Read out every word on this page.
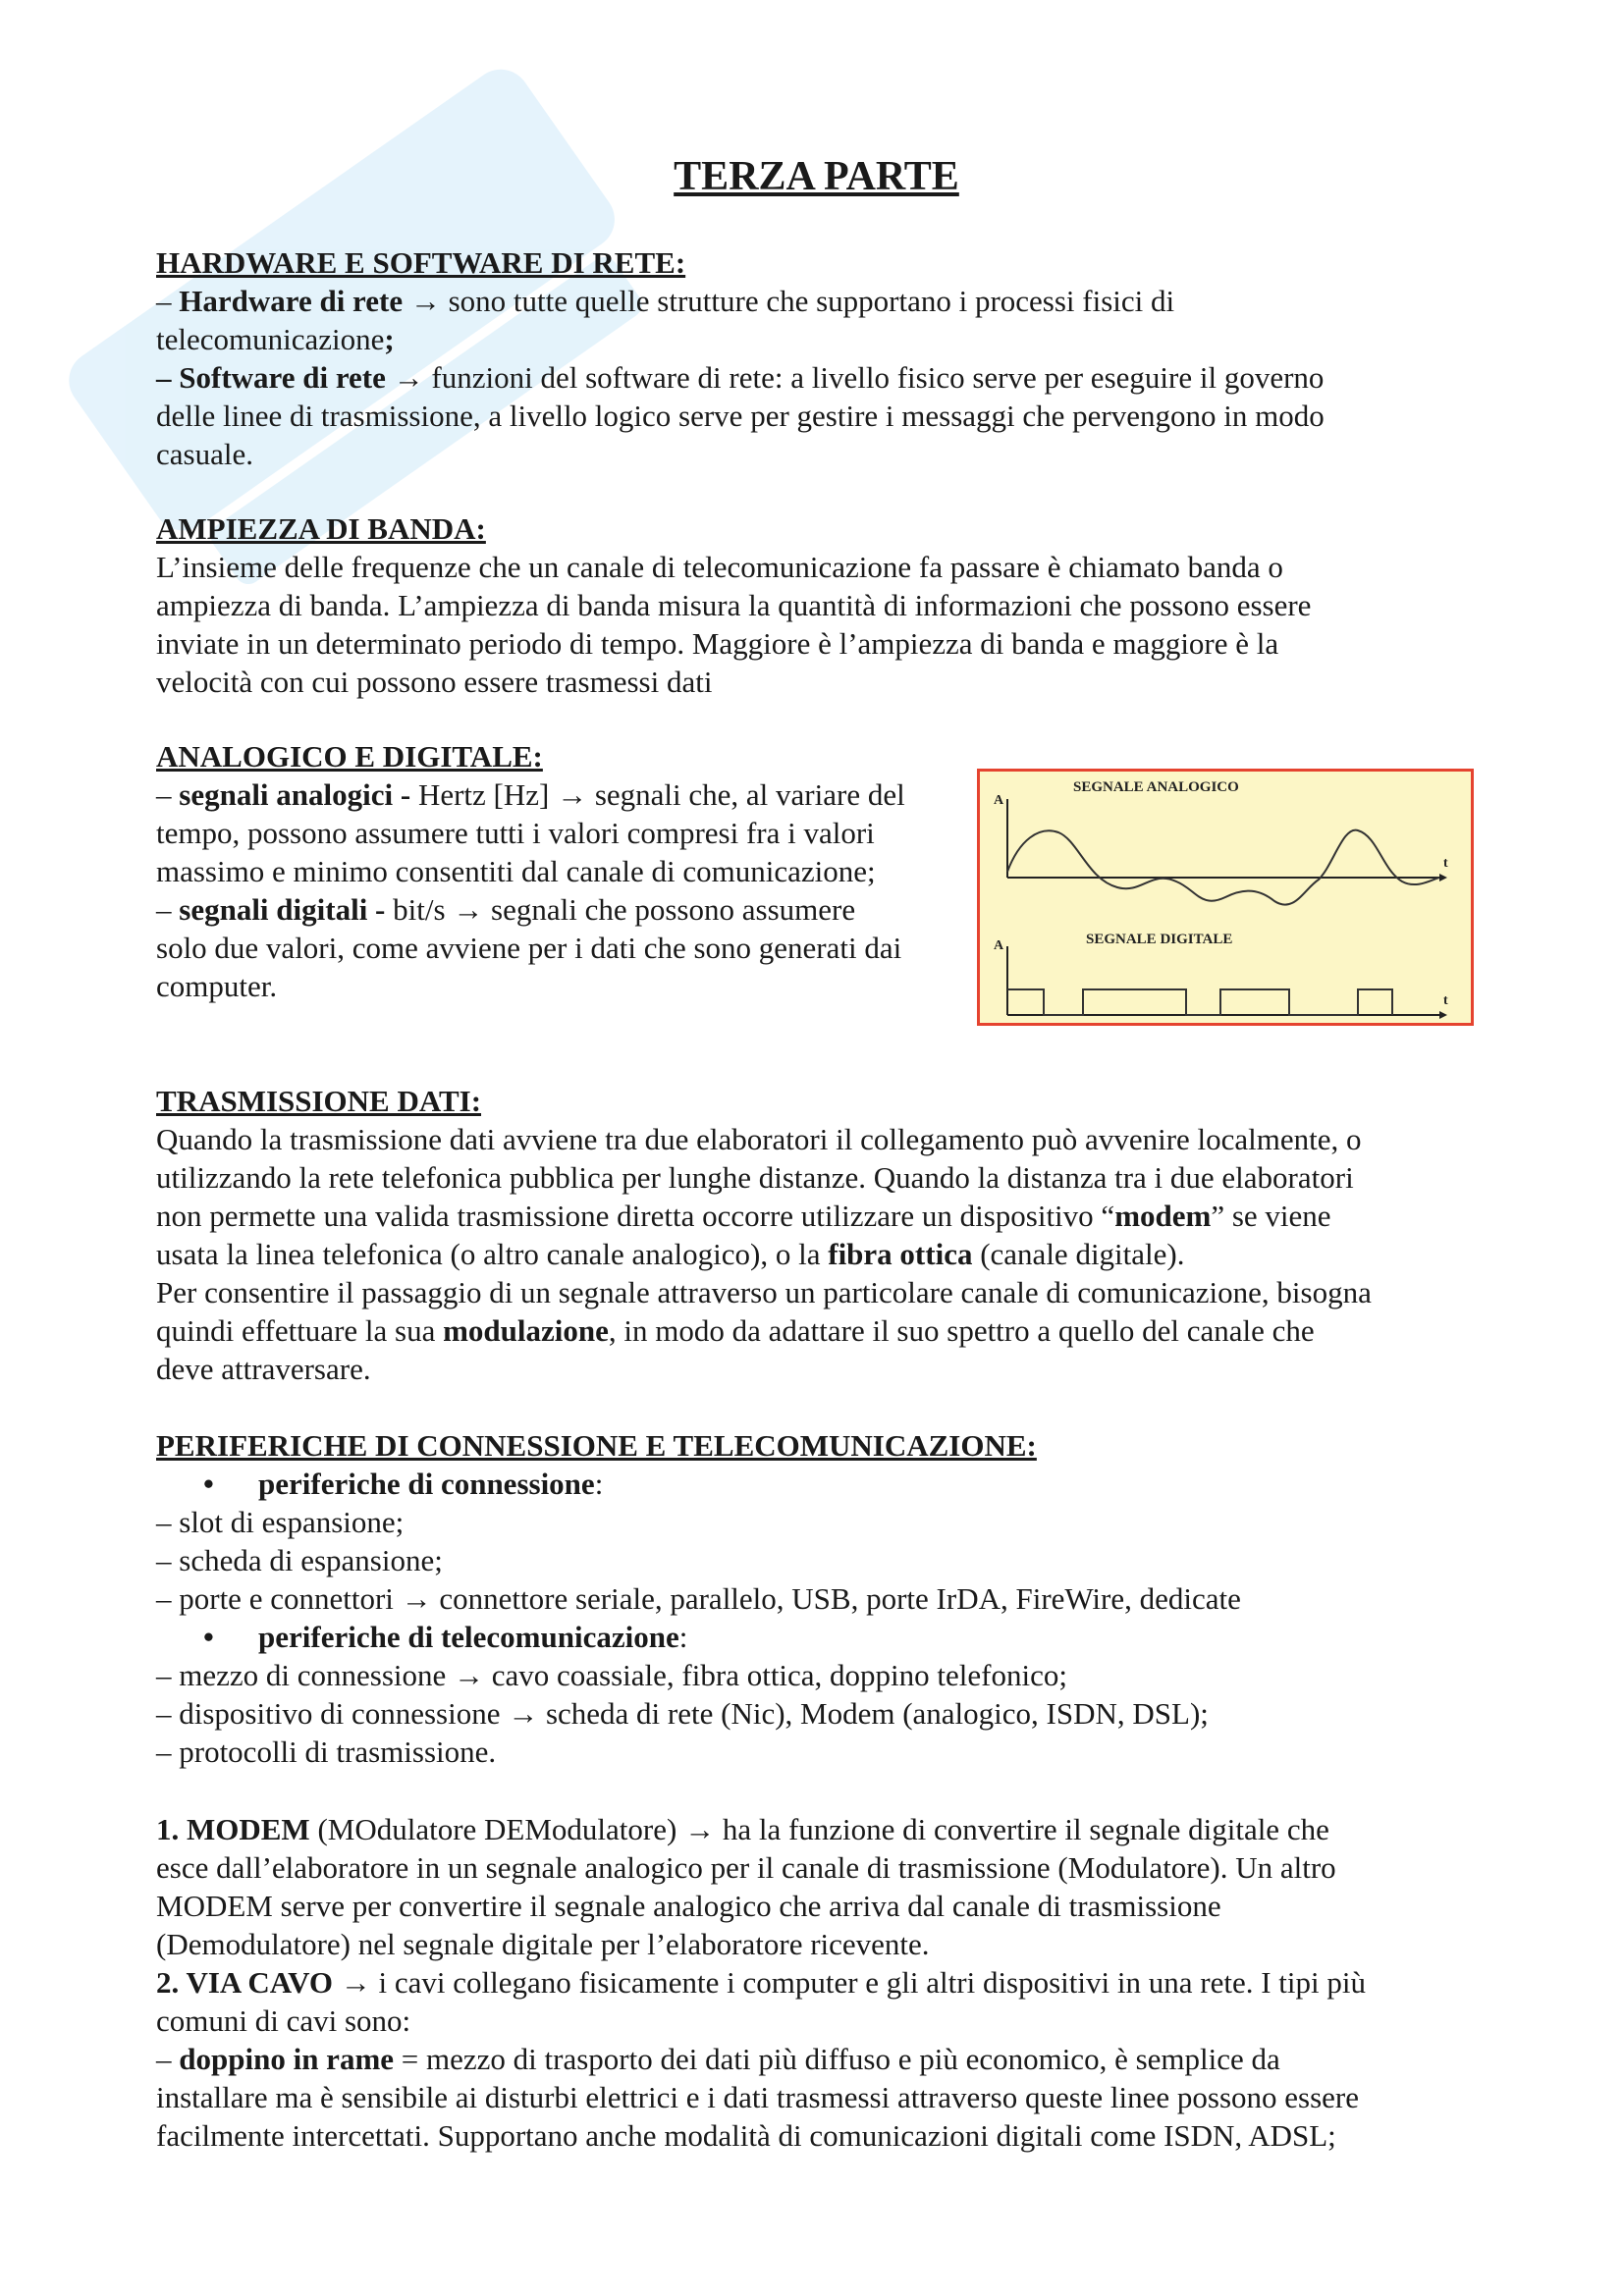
TERZA PARTE
HARDWARE E SOFTWARE DI RETE:
– Hardware di rete → sono tutte quelle strutture che supportano i processi fisici di
telecomunicazione;
– Software di rete → funzioni del software di rete: a livello fisico serve per eseguire il governo
delle linee di trasmissione, a livello logico serve per gestire i messaggi che pervengono in modo
casuale.
AMPIEZZA DI BANDA:
L’insieme delle frequenze che un canale di telecomunicazione fa passare è chiamato banda o
ampiezza di banda. L’ampiezza di banda misura la quantità di informazioni che possono essere
inviate in un determinato periodo di tempo. Maggiore è l’ampiezza di banda e maggiore è la
velocità con cui possono essere trasmessi dati
ANALOGICO E DIGITALE:
– segnali analogici - Hertz [Hz] → segnali che, al variare del
tempo, possono assumere tutti i valori compresi fra i valori
massimo e minimo consentiti dal canale di comunicazione;
– segnali digitali - bit/s → segnali che possono assumere
solo due valori, come avviene per i dati che sono generati dai
computer.
TRASMISSIONE DATI:
Quando la trasmissione dati avviene tra due elaboratori il collegamento può avvenire localmente, o
utilizzando la rete telefonica pubblica per lunghe distanze. Quando la distanza tra i due elaboratori
non permette una valida trasmissione diretta occorre utilizzare un dispositivo “modem” se viene
usata la linea telefonica (o altro canale analogico), o la fibra ottica (canale digitale).
Per consentire il passaggio di un segnale attraverso un particolare canale di comunicazione, bisogna
quindi effettuare la sua modulazione, in modo da adattare il suo spettro a quello del canale che
deve attraversare.
PERIFERICHE DI CONNESSIONE E TELECOMUNICAZIONE:
• periferiche di connessione:
– slot di espansione;
– scheda di espansione;
– porte e connettori → connettore seriale, parallelo, USB, porte IrDA, FireWire, dedicate
• periferiche di telecomunicazione:
– mezzo di connessione → cavo coassiale, fibra ottica, doppino telefonico;
– dispositivo di connessione → scheda di rete (Nic), Modem (analogico, ISDN, DSL);
– protocolli di trasmissione.
1. MODEM (MOdulatore DEModulatore) → ha la funzione di convertire il segnale digitale che
esce dall’elaboratore in un segnale analogico per il canale di trasmissione (Modulatore). Un altro
MODEM serve per convertire il segnale analogico che arriva dal canale di trasmissione
(Demodulatore) nel segnale digitale per l’elaboratore ricevente.
2. VIA CAVO → i cavi collegano fisicamente i computer e gli altri dispositivi in una rete. I tipi più
comuni di cavi sono:
– doppino in rame = mezzo di trasporto dei dati più diffuso e più economico, è semplice da
installare ma è sensibile ai disturbi elettrici e i dati trasmessi attraverso queste linee possono essere
facilmente intercettati. Supportano anche modalità di comunicazioni digitali come ISDN, ADSL;
SEGNALE ANALOGICO
SEGNALE DIGITALE
A
t
A
t
